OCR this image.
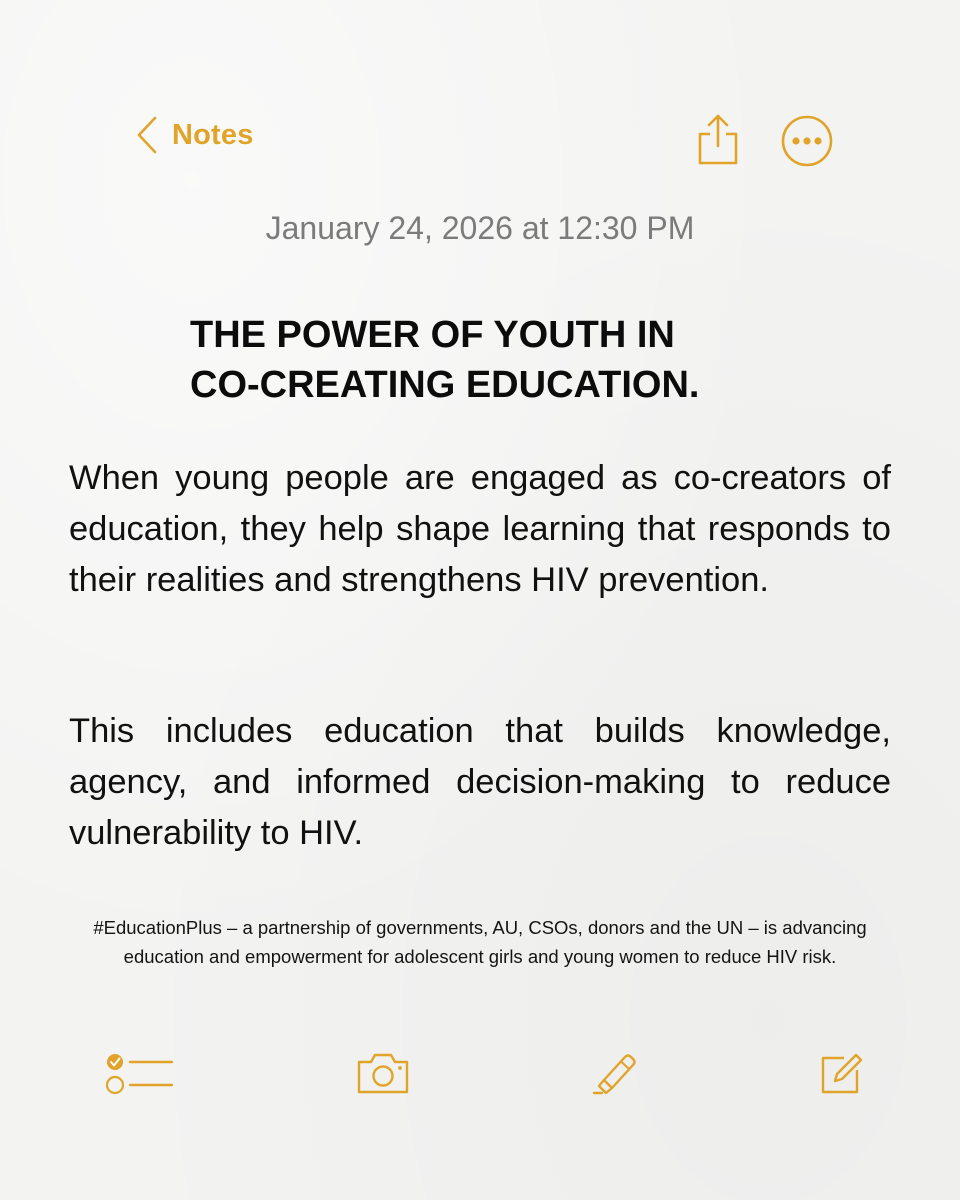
Notes
January 24, 2026 at 12:30 PM
THE POWER OF YOUTH IN
CO-CREATING EDUCATION.

When young people are engaged as co-creators of education, they help shape learning that responds to their realities and strengthens HIV prevention.

This includes education that builds knowledge, agency, and informed decision-making to reduce vulnerability to HIV.

#EducationPlus – a partnership of governments, AU, CSOs, donors and the UN – is advancing education and empowerment for adolescent girls and young women to reduce HIV risk.
